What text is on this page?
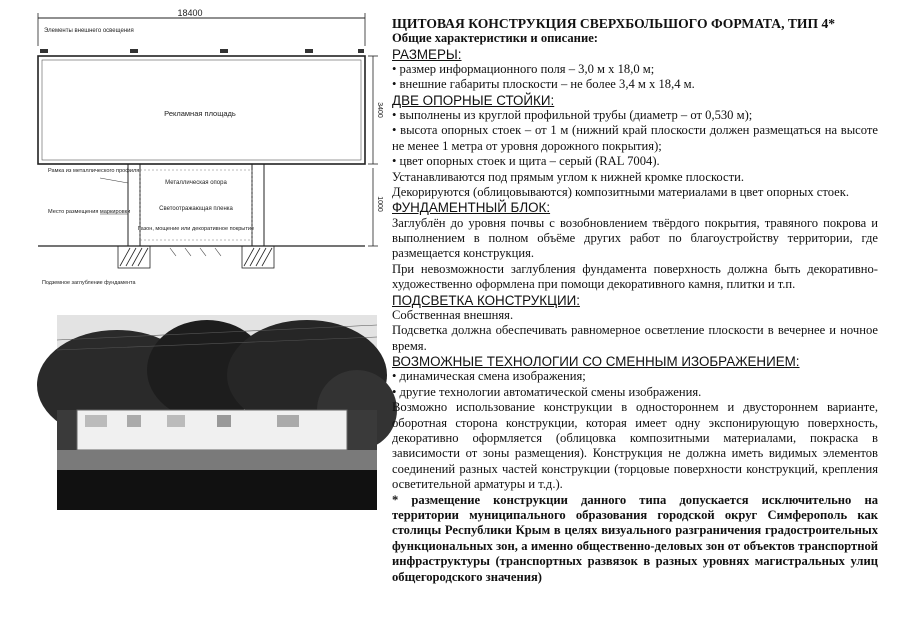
18400
Элементы внешнего освещения
Рекламная площадь	3400
1000
Металлическая опора
Светоотражающая пленка
Газон, мощение или декоративное покрытие
Рамка из металлического профиля
Место размещения маркировки
Подземное заглубление фундамента

ЩИТОВАЯ КОНСТРУКЦИЯ СВЕРХБОЛЬШОГО ФОРМАТА, ТИП 4*

Общие характеристики и описание:

РАЗМЕРЫ:

• размер информационного поля – 3,0 м х 18,0 м;

• внешние габариты плоскости – не более 3,4 м х 18,4 м.

ДВЕ ОПОРНЫЕ СТОЙКИ:

• выполнены из круглой профильной трубы (диаметр – от 0,530 м);

• высота опорных стоек – от 1 м (нижний край плоскости должен размещаться на высоте не менее 1 метра от уровня дорожного покрытия);

• цвет опорных стоек и щита – серый (RAL 7004).

Устанавливаются под прямым углом к нижней кромке плоскости.

Декорируются (облицовываются) композитными материалами в цвет опорных стоек.

ФУНДАМЕНТНЫЙ БЛОК:

Заглублён до уровня почвы с возобновлением твёрдого покрытия, травяного покрова и выполнением в полном объёме других работ по благоустройству территории, где размещается конструкция.

При невозможности заглубления фундамента поверхность должна быть декоративно-художественно оформлена при помощи декоративного камня, плитки и т.п.

ПОДСВЕТКА КОНСТРУКЦИИ:

Собственная внешняя.

Подсветка должна обеспечивать равномерное осветление плоскости в вечернее и ночное время.

ВОЗМОЖНЫЕ ТЕХНОЛОГИИ СО СМЕННЫМ ИЗОБРАЖЕНИЕМ:

• динамическая смена изображения;

• другие технологии автоматической смены изображения.

Возможно использование конструкции в одностороннем и двустороннем варианте, оборотная сторона конструкции, которая имеет одну экспонирующую поверхность, декоративно оформляется (облицовка композитными материалами, покраска в зависимости от зоны размещения). Конструкция не должна иметь видимых элементов соединений разных частей конструкции (торцовые поверхности конструкций, крепления осветительной арматуры и т.д.).

* размещение конструкции данного типа допускается исключительно на территории муниципального образования городской округ Симферополь как столицы Республики Крым в целях визуального разграничения градостроительных функциональных зон, а именно общественно-деловых зон от объектов транспортной инфраструктуры (транспортных развязок в разных уровнях магистральных улиц общегородского значения)
